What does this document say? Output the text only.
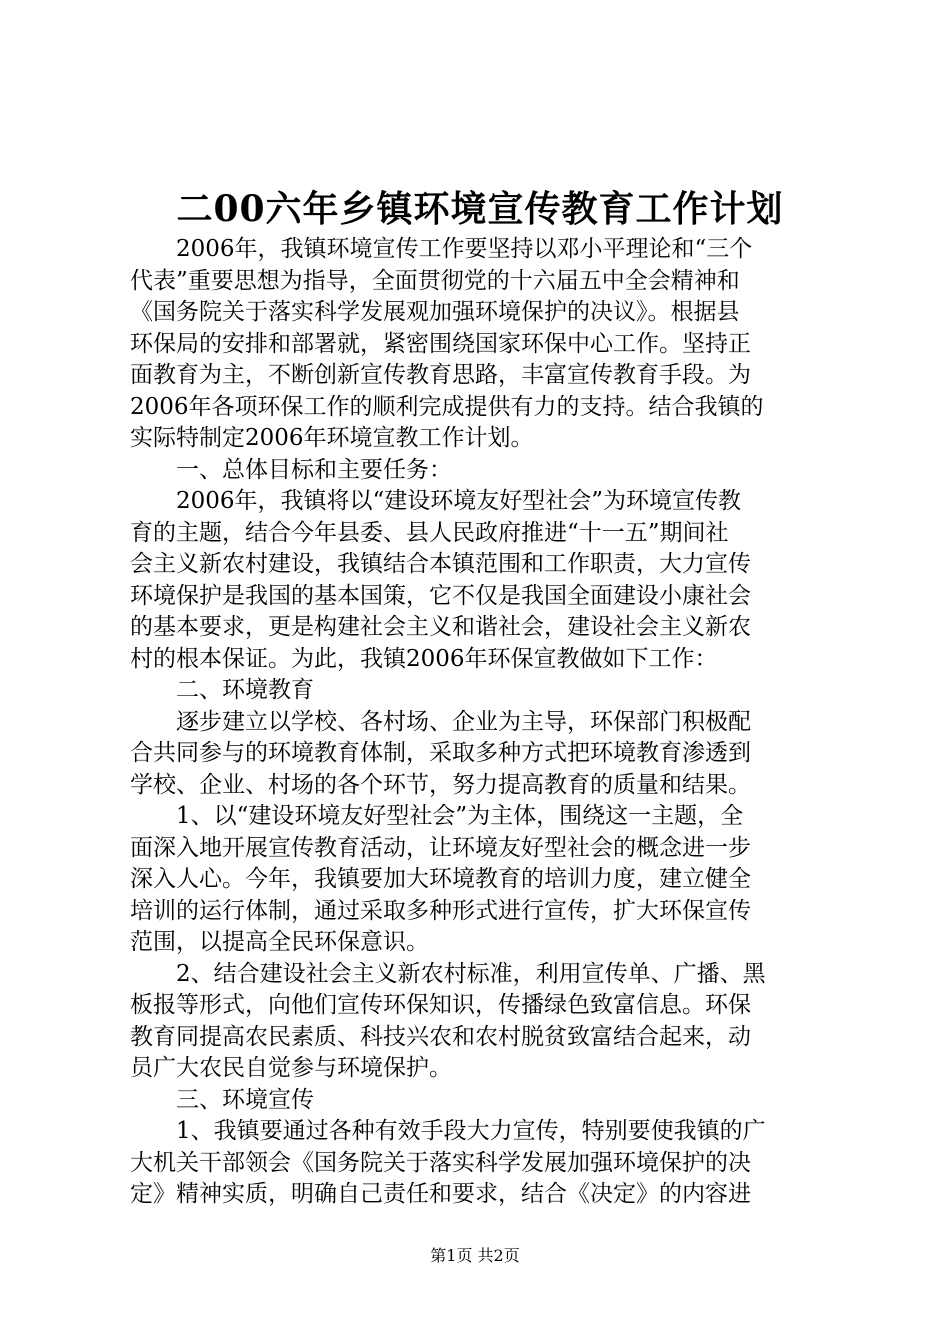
二00六年乡镇环境宣传教育工作计划
2006年，我镇环境宣传工作要坚持以邓小平理论和“三个
代表”重要思想为指导，全面贯彻党的十六届五中全会精神和
《国务院关于落实科学发展观加强环境保护的决议》。根据县
环保局的安排和部署就，紧密围绕国家环保中心工作。坚持正
面教育为主，不断创新宣传教育思路，丰富宣传教育手段。为
2006年各项环保工作的顺利完成提供有力的支持。结合我镇的
实际特制定2006年环境宣教工作计划。
一、总体目标和主要任务：
2006年，我镇将以“建设环境友好型社会”为环境宣传教
育的主题，结合今年县委、县人民政府推进“十一五”期间社
会主义新农村建设，我镇结合本镇范围和工作职责，大力宣传
环境保护是我国的基本国策，它不仅是我国全面建设小康社会
的基本要求，更是构建社会主义和谐社会，建设社会主义新农
村的根本保证。为此，我镇2006年环保宣教做如下工作：
二、环境教育
逐步建立以学校、各村场、企业为主导，环保部门积极配
合共同参与的环境教育体制，采取多种方式把环境教育渗透到
学校、企业、村场的各个环节，努力提高教育的质量和结果。
1、以“建设环境友好型社会”为主体，围绕这一主题，全
面深入地开展宣传教育活动，让环境友好型社会的概念进一步
深入人心。今年，我镇要加大环境教育的培训力度，建立健全
培训的运行体制，通过采取多种形式进行宣传，扩大环保宣传
范围，以提高全民环保意识。
2、结合建设社会主义新农村标准，利用宣传单、广播、黑
板报等形式，向他们宣传环保知识，传播绿色致富信息。环保
教育同提高农民素质、科技兴农和农村脱贫致富结合起来，动
员广大农民自觉参与环境保护。
三、环境宣传
1、我镇要通过各种有效手段大力宣传，特别要使我镇的广
大机关干部领会《国务院关于落实科学发展加强环境保护的决
定》精神实质，明确自己责任和要求，结合《决定》的内容进
第1页 共2页
